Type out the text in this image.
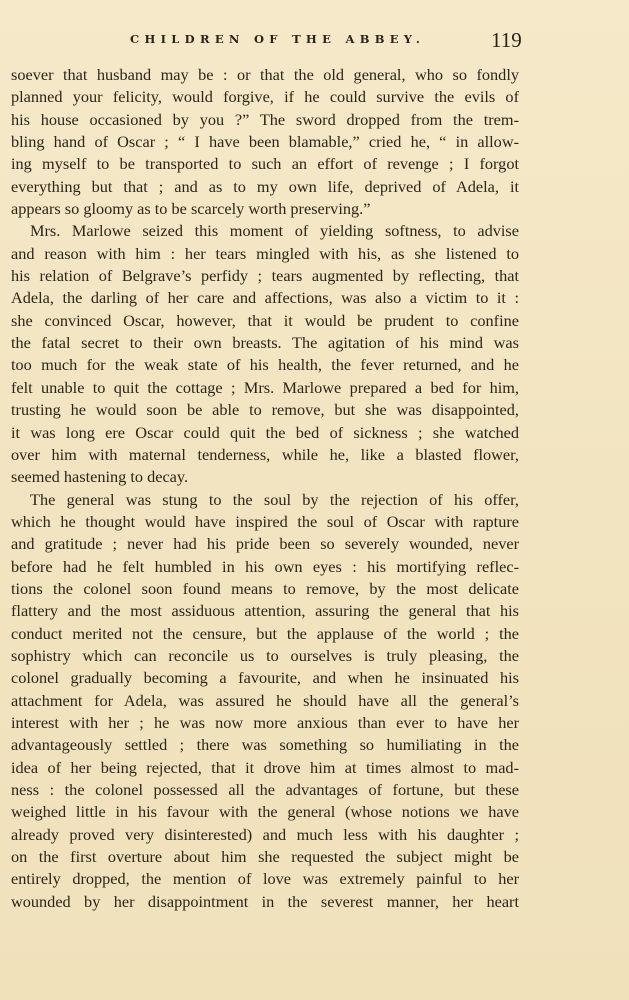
CHILDREN OF THE ABBEY.	119
soever that husband may be : or that the old general, who so fondly
planned your felicity, would forgive, if he could survive the evils of
his house occasioned by you ?” The sword dropped from the trem-
bling hand of Oscar ; “ I have been blamable,” cried he, “ in allow-
ing myself to be transported to such an effort of revenge ; I forgot
everything but that ; and as to my own life, deprived of Adela, it
appears so gloomy as to be scarcely worth preserving.”
Mrs. Marlowe seized this moment of yielding softness, to advise
and reason with him : her tears mingled with his, as she listened to
his relation of Belgrave’s perfidy ; tears augmented by reflecting, that
Adela, the darling of her care and affections, was also a victim to it :
she convinced Oscar, however, that it would be prudent to confine
the fatal secret to their own breasts. The agitation of his mind was
too much for the weak state of his health, the fever returned, and he
felt unable to quit the cottage ; Mrs. Marlowe prepared a bed for him,
trusting he would soon be able to remove, but she was disappointed,
it was long ere Oscar could quit the bed of sickness ; she watched
over him with maternal tenderness, while he, like a blasted flower,
seemed hastening to decay.
The general was stung to the soul by the rejection of his offer,
which he thought would have inspired the soul of Oscar with rapture
and gratitude ; never had his pride been so severely wounded, never
before had he felt humbled in his own eyes : his mortifying reflec-
tions the colonel soon found means to remove, by the most delicate
flattery and the most assiduous attention, assuring the general that his
conduct merited not the censure, but the applause of the world ; the
sophistry which can reconcile us to ourselves is truly pleasing, the
colonel gradually becoming a favourite, and when he insinuated his
attachment for Adela, was assured he should have all the general’s
interest with her ; he was now more anxious than ever to have her
advantageously settled ; there was something so humiliating in the
idea of her being rejected, that it drove him at times almost to mad-
ness : the colonel possessed all the advantages of fortune, but these
weighed little in his favour with the general (whose notions we have
already proved very disinterested) and much less with his daughter ;
on the first overture about him she requested the subject might be
entirely dropped, the mention of love was extremely painful to her
wounded by her disappointment in the severest manner, her heart
